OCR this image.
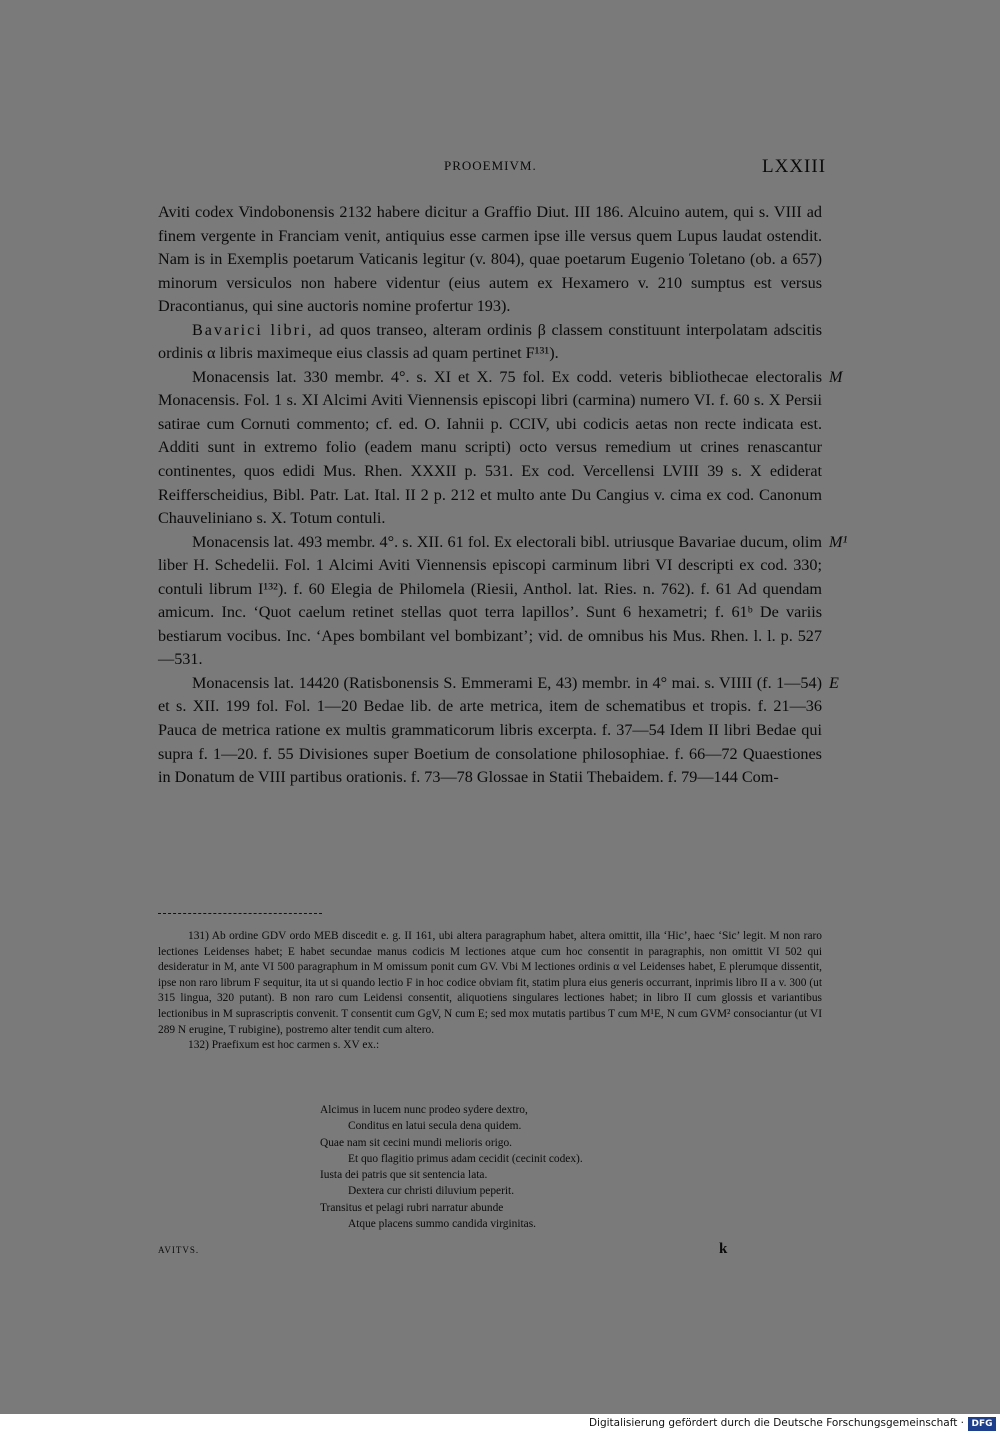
PROOEMIVM.	LXXIII

Aviti codex Vindobonensis 2132 habere dicitur a Graffio Diut. III 186. Alcuino autem, qui s. VIII ad finem vergente in Franciam venit, antiquius esse carmen ipse ille versus quem Lupus laudat ostendit. Nam is in Exemplis poetarum Vaticanis legitur (v. 804), quae poetarum Eugenio Toletano (ob. a 657) minorum versiculos non habere videntur (eius autem ex Hexamero v. 210 sumptus est versus Dracontianus, qui sine auctoris nomine profertur 193).

Bavarici libri, ad quos transeo, alteram ordinis β classem constituunt interpolatam adscitis ordinis α libris maximeque eius classis ad quam pertinet F¹³¹).

M
Monacensis lat. 330 membr. 4°. s. XI et X. 75 fol. Ex codd. veteris bibliothecae electoralis Monacensis. Fol. 1 s. XI Alcimi Aviti Viennensis episcopi libri (carmina) numero VI. f. 60 s. X Persii satirae cum Cornuti commento; cf. ed. O. Iahnii p. CCIV, ubi codicis aetas non recte indicata est. Additi sunt in extremo folio (eadem manu scripti) octo versus remedium ut crines renascantur continentes, quos edidi Mus. Rhen. XXXII p. 531. Ex cod. Vercellensi LVIII 39 s. X ediderat Reifferscheidius, Bibl. Patr. Lat. Ital. II 2 p. 212 et multo ante Du Cangius v. cima ex cod. Canonum Chauveliniano s. X. Totum contuli.

M¹
Monacensis lat. 493 membr. 4°. s. XII. 61 fol. Ex electorali bibl. utriusque Bavariae ducum, olim liber H. Schedelii. Fol. 1 Alcimi Aviti Viennensis episcopi carminum libri VI descripti ex cod. 330; contuli librum I¹³²). f. 60 Elegia de Philomela (Riesii, Anthol. lat. Ries. n. 762). f. 61 Ad quendam amicum. Inc. ‘Quot caelum retinet stellas quot terra lapillos’. Sunt 6 hexametri; f. 61ᵇ De variis bestiarum vocibus. Inc. ‘Apes bombilant vel bombizant’; vid. de omnibus his Mus. Rhen. l. l. p. 527—531.

E
Monacensis lat. 14420 (Ratisbonensis S. Emmerami E, 43) membr. in 4° mai. s. VIIII (f. 1—54) et s. XII. 199 fol. Fol. 1—20 Bedae lib. de arte metrica, item de schematibus et tropis. f. 21—36 Pauca de metrica ratione ex multis grammaticorum libris excerpta. f. 37—54 Idem II libri Bedae qui supra f. 1—20. f. 55 Divisiones super Boetium de consolatione philosophiae. f. 66—72 Quaestiones in Donatum de VIII partibus orationis. f. 73—78 Glossae in Statii Thebaidem. f. 79—144 Com-

131) Ab ordine GDV ordo MEB discedit e. g. II 161, ubi altera paragraphum habet, altera omittit, illa ‘Hic’, haec ‘Sic’ legit. M non raro lectiones Leidenses habet; E habet secundae manus codicis M lectiones atque cum hoc consentit in paragraphis, non omittit VI 502 qui desideratur in M, ante VI 500 paragraphum in M omissum ponit cum GV. Vbi M lectiones ordinis α vel Leidenses habet, E plerumque dissentit, ipse non raro librum F sequitur, ita ut si quando lectio F in hoc codice obviam fit, statim plura eius generis occurrant, inprimis libro II a v. 300 (ut 315 lingua, 320 putant). B non raro cum Leidensi consentit, aliquotiens singulares lectiones habet; in libro II cum glossis et variantibus lectionibus in M suprascriptis convenit. T consentit cum GgV, N cum E; sed mox mutatis partibus T cum M¹E, N cum GVM² consociantur (ut VI 289 N erugine, T rubigine), postremo alter tendit cum altero.

132) Praefixum est hoc carmen s. XV ex.:

Alcimus in lucem nunc prodeo sydere dextro,
Conditus en latui secula dena quidem.
Quae nam sit cecini mundi melioris origo.
Et quo flagitio primus adam cecidit (cecinit codex).
Iusta dei patris que sit sentencia lata.
Dextera cur christi diluvium peperit.
Transitus et pelagi rubri narratur abunde
Atque placens summo candida virginitas.
AVITVS.	k
Digitalisierung gefördert durch die Deutsche Forschungsgemeinschaft · DFG
